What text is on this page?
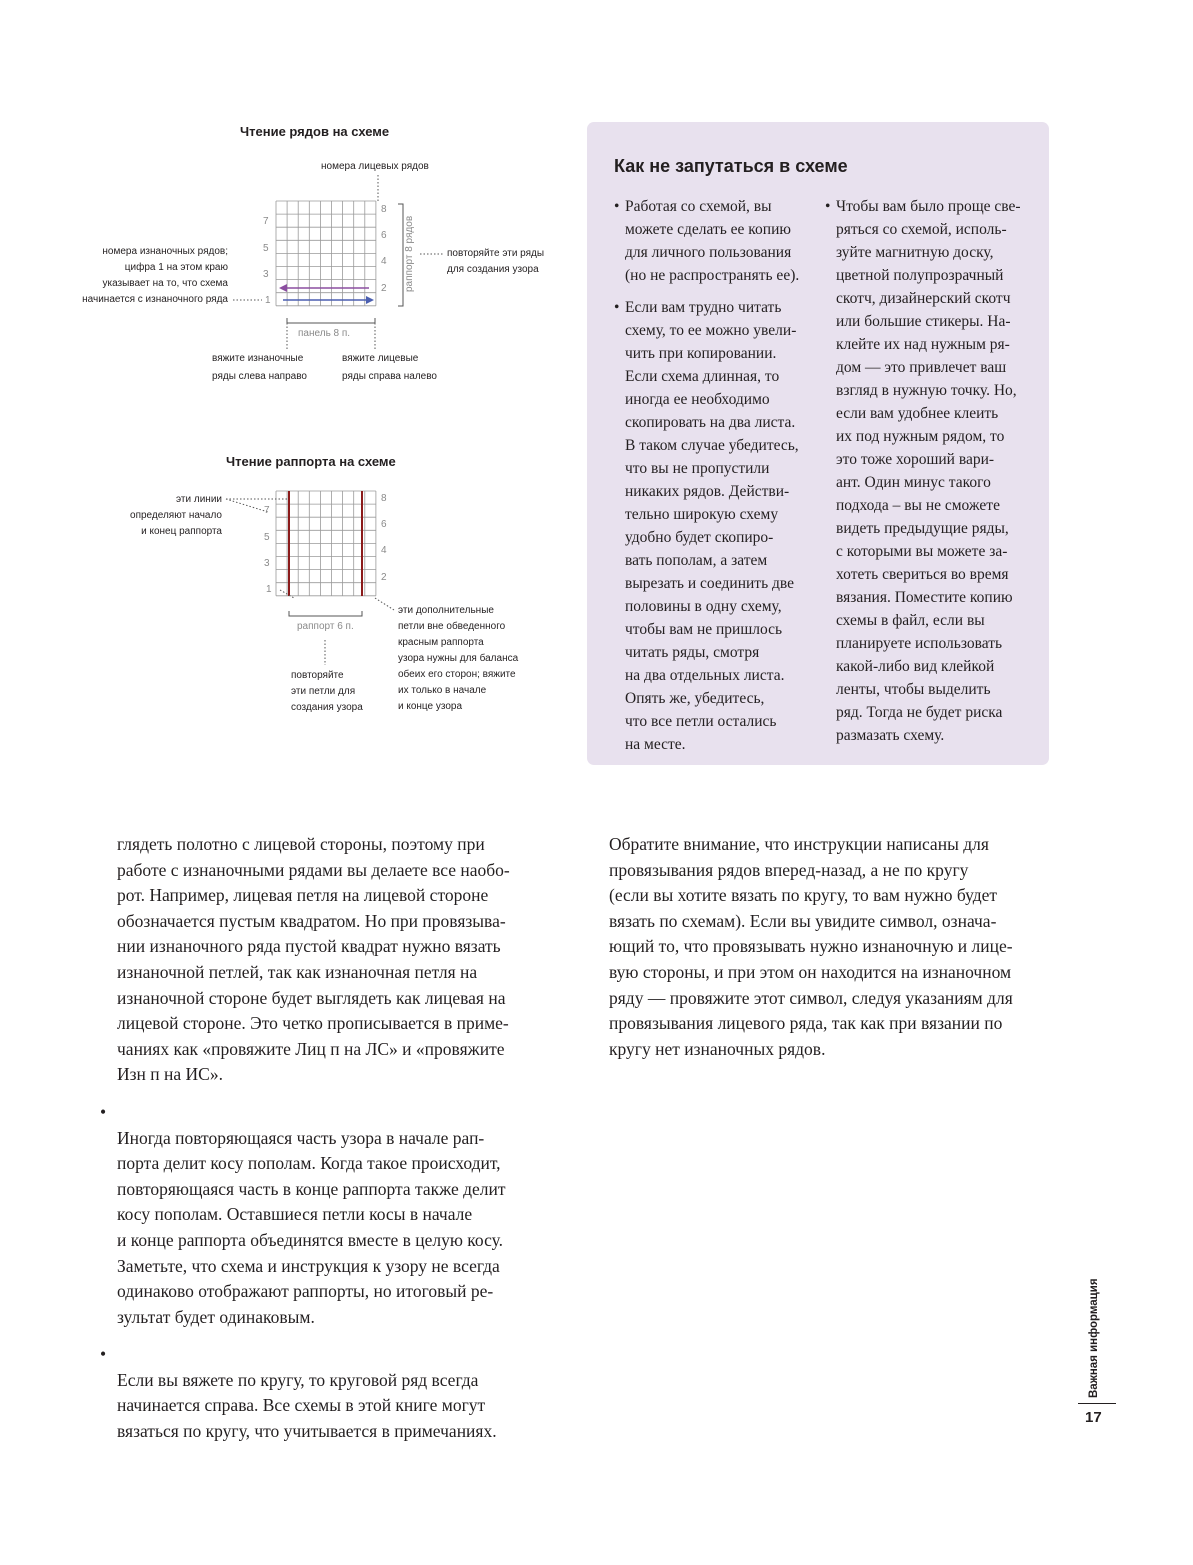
Чтение рядов на схеме
номера лицевых рядов
7
5
3
1
8
6
4
2 раппорт 8 рядов
номера изнаночных рядов;
цифра 1 на этом краю
указывает на то, что схема
начинается с изнаночного ряда
повторяйте эти ряды
для создания узора
панель 8 п.
вяжите изнаночные
ряды слева направо
вяжите лицевые
ряды справа налево
Чтение раппорта на схеме
7
5
3
1
8
6
4
2
эти линии
определяют начало
и конец раппорта
раппорт 6 п.
эти дополнительные
петли вне обведенного
красным раппорта
узора нужны для баланса
обеих его сторон; вяжите
их только в начале
и конце узора
повторяйте
эти петли для
создания узора
Как не запутаться в схеме

• Работая со схемой, вы
можете сделать ее копию
для личного пользования
(но не распространять ее).

• Если вам трудно читать
схему, то ее можно увели-
чить при копировании.
Если схема длинная, то
иногда ее необходимо
скопировать на два листа.
В таком случае убедитесь,
что вы не пропустили
никаких рядов. Действи-
тельно широкую схему
удобно будет скопиро-
вать пополам, а затем
вырезать и соединить две
половины в одну схему,
чтобы вам не пришлось
читать ряды, смотря
на два отдельных листа.
Опять же, убедитесь,
что все петли остались
на месте.

• Чтобы вам было проще све-
ряться со схемой, исполь-
зуйте магнитную доску,
цветной полупрозрачный
скотч, дизайнерский скотч
или большие стикеры. На-
клейте их над нужным ря-
дом — это привлечет ваш
взгляд в нужную точку. Но,
если вам удобнее клеить
их под нужным рядом, то
это тоже хороший вари-
ант. Один минус такого
подхода – вы не сможете
видеть предыдущие ряды,
с которыми вы можете за-
хотеть свериться во время
вязания. Поместите копию
схемы в файл, если вы
планируете использовать
какой-либо вид клейкой
ленты, чтобы выделить
ряд. Тогда не будет риска
размазать схему.

глядеть полотно с лицевой стороны, поэтому при
работе с изнаночными рядами вы делаете все наобо-
рот. Например, лицевая петля на лицевой стороне
обозначается пустым квадратом. Но при провязыва-
нии изнаночного ряда пустой квадрат нужно вязать
изнаночной петлей, так как изнаночная петля на
изнаночной стороне будет выглядеть как лицевая на
лицевой стороне. Это четко прописывается в приме-
чаниях как «провяжите Лиц п на ЛС» и «провяжите
Изн п на ИС».

•
Иногда повторяющаяся часть узора в начале рап-
порта делит косу пополам. Когда такое происходит,
повторяющаяся часть в конце раппорта также делит
косу пополам. Оставшиеся петли косы в начале
и конце раппорта объединятся вместе в целую косу.
Заметьте, что схема и инструкция к узору не всегда
одинаково отображают раппорты, но итоговый ре-
зультат будет одинаковым.

•
Если вы вяжете по кругу, то круговой ряд всегда
начинается справа. Все схемы в этой книге могут
вязаться по кругу, что учитывается в примечаниях.

Обратите внимание, что инструкции написаны для
провязывания рядов вперед-назад, а не по кругу
(если вы хотите вязать по кругу, то вам нужно будет
вязать по схемам). Если вы увидите символ, означа-
ющий то, что провязывать нужно изнаночную и лице-
вую стороны, и при этом он находится на изнаночном
ряду — провяжите этот символ, следуя указаниям для
провязывания лицевого ряда, так как при вязании по
кругу нет изнаночных рядов.

Важная информация
17
